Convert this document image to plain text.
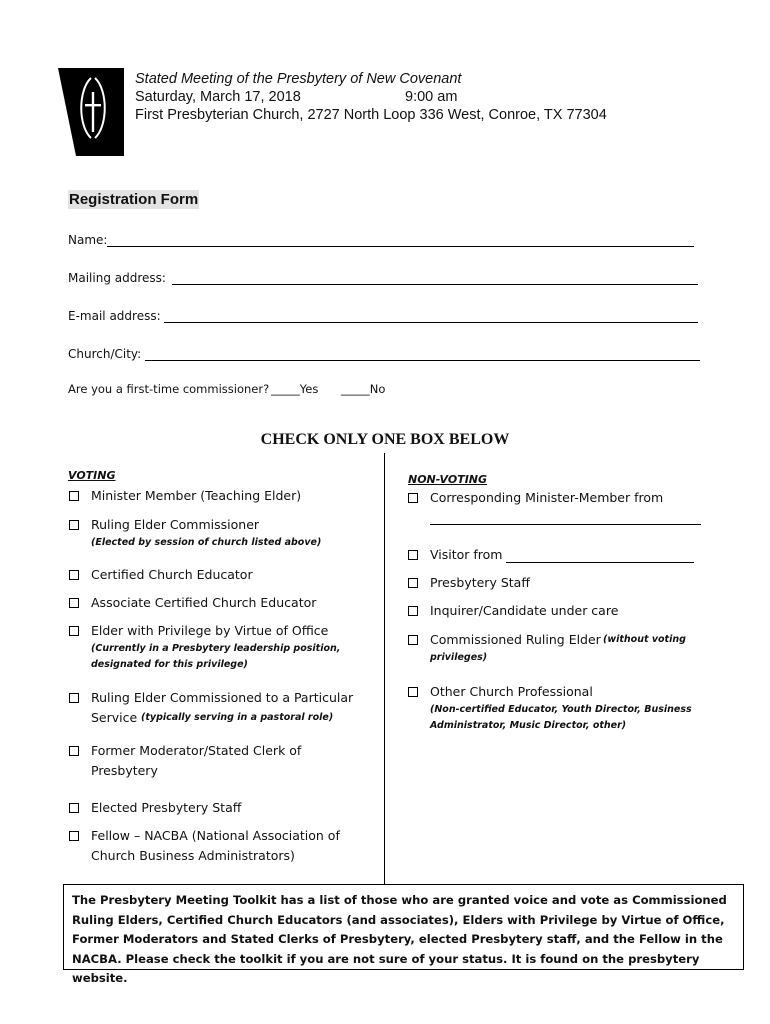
Stated Meeting of the Presbytery of New Covenant
Saturday, March 17, 2018	9:00 am
First Presbyterian Church, 2727 North Loop 336 West, Conroe, TX 77304
Registration Form
Name:
Mailing address:
E-mail address:
Church/City:
Are you a first-time commissioner? _____Yes _____No
CHECK ONLY ONE BOX BELOW
VOTING
Minister Member (Teaching Elder)
Ruling Elder Commissioner
(Elected by session of church listed above)
Certified Church Educator
Associate Certified Church Educator
Elder with Privilege by Virtue of Office
(Currently in a Presbytery leadership position,
designated for this privilege)
Ruling Elder Commissioned to a Particular
Service (typically serving in a pastoral role)
Former Moderator/Stated Clerk of
Presbytery
Elected Presbytery Staff
Fellow – NACBA (National Association of
Church Business Administrators)
NON-VOTING
Corresponding Minister-Member from
Visitor from
Presbytery Staff
Inquirer/Candidate under care
Commissioned Ruling Elder (without voting
privileges)
Other Church Professional
(Non-certified Educator, Youth Director, Business
Administrator, Music Director, other)
The Presbytery Meeting Toolkit has a list of those who are granted voice and vote as Commissioned
Ruling Elders, Certified Church Educators (and associates), Elders with Privilege by Virtue of Office,
Former Moderators and Stated Clerks of Presbytery, elected Presbytery staff, and the Fellow in the
NACBA. Please check the toolkit if you are not sure of your status. It is found on the presbytery website.
